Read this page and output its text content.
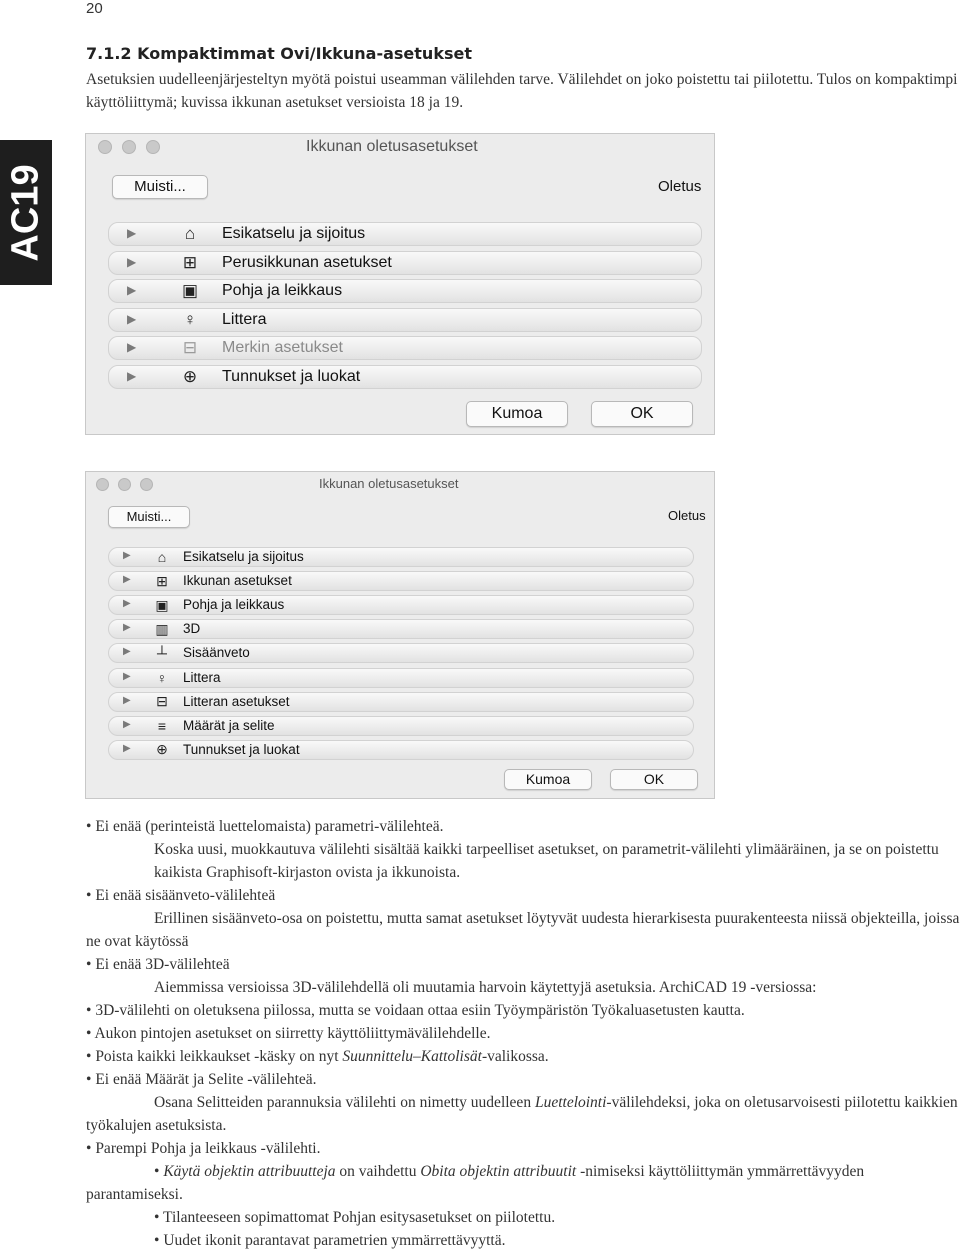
20
7.1.2 Kompaktimmat Ovi/Ikkuna-asetukset
Asetuksien uudelleenjärjesteltyn myötä poistui useamman välilehden tarve. Välilehdet on joko poistettu tai piilotettu. Tulos on kompaktimpi käyttöliittymä; kuvissa ikkunan asetukset versioista 18 ja 19.
AC19
Ikkunan oletusasetukset
Muisti...	Oletus
▶	⌂	Esikatselu ja sijoitus
▶	⊞	Perusikkunan asetukset
▶	▣	Pohja ja leikkaus
▶	♀	Littera
▶	⊟	Merkin asetukset
▶	⊕	Tunnukset ja luokat
Kumoa	OK
Ikkunan oletusasetukset
Muisti...	Oletus
▶	⌂	Esikatselu ja sijoitus
▶	⊞	Ikkunan asetukset
▶	▣	Pohja ja leikkaus
▶	▥	3D
▶	┴	Sisäänveto
▶	♀	Littera
▶	⊟	Litteran asetukset
▶	≡	Määrät ja selite
▶	⊕	Tunnukset ja luokat
Kumoa	OK

• Ei enää (perinteistä luettelomaista) parametri-välilehteä.

Koska uusi, muokkautuva välilehti sisältää kaikki tarpeelliset asetukset, on parametrit-välilehti ylimääräinen, ja se on poistettu kaikista Graphisoft-kirjaston ovista ja ikkunoista.

• Ei enää sisäänveto-välilehteä

Erillinen sisäänveto-osa on poistettu, mutta samat asetukset löytyvät uudesta hierarkisesta puurakenteesta niissä objekteilla, joissa ne ovat käytössä

• Ei enää 3D-välilehteä

Aiemmissa versioissa 3D-välilehdellä oli muutamia harvoin käytettyjä asetuksia. ArchiCAD 19 -versiossa:

• 3D-välilehti on oletuksena piilossa, mutta se voidaan ottaa esiin Työympäristön Työkaluasetusten kautta.

• Aukon pintojen asetukset on siirretty käyttöliittymävälilehdelle.

• Poista kaikki leikkaukset -käsky on nyt Suunnittelu–Kattolisät-valikossa.

• Ei enää Määrät ja Selite -välilehteä.

Osana Selitteiden parannuksia välilehti on nimetty uudelleen Luettelointi-välilehdeksi, joka on oletusarvoisesti piilotettu kaikkien työkalujen asetuksista.

• Parempi Pohja ja leikkaus -välilehti.

• Käytä objektin attribuutteja on vaihdettu Obita objektin attribuutit -nimiseksi käyttöliittymän ymmärrettävyyden parantamiseksi.

• Tilanteeseen sopimattomat Pohjan esitysasetukset on piilotettu.

• Uudet ikonit parantavat parametrien ymmärrettävyyttä.
